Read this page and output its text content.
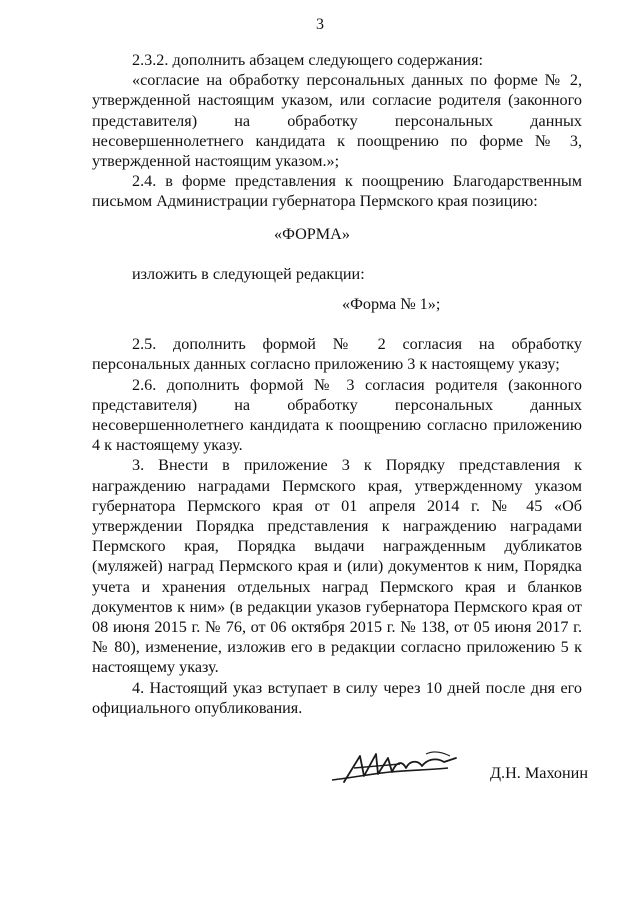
3

2.3.2. дополнить абзацем следующего содержания:

«согласие на обработку персональных данных по форме № 2, утвержденной настоящим указом, или согласие родителя (законного представителя) на обработку персональных данных несовершеннолетнего кандидата к поощрению по форме № 3, утвержденной настоящим указом.»;

2.4. в форме представления к поощрению Благодарственным письмом Администрации губернатора Пермского края позицию:

«ФОРМА»

изложить в следующей редакции:

«Форма № 1»;

2.5. дополнить формой № 2 согласия на обработку персональных данных согласно приложению 3 к настоящему указу;

2.6. дополнить формой № 3 согласия родителя (законного представителя) на обработку персональных данных несовершеннолетнего кандидата к поощрению согласно приложению 4 к настоящему указу.

3. Внести в приложение 3 к Порядку представления к награждению наградами Пермского края, утвержденному указом губернатора Пермского края от 01 апреля 2014 г. № 45 «Об утверждении Порядка представления к награждению наградами Пермского края, Порядка выдачи награжденным дубликатов (муляжей) наград Пермского края и (или) документов к ним, Порядка учета и хранения отдельных наград Пермского края и бланков документов к ним» (в редакции указов губернатора Пермского края от 08 июня 2015 г. № 76, от 06 октября 2015 г. № 138, от 05 июня 2017 г. № 80), изменение, изложив его в редакции согласно приложению 5 к настоящему указу.

4. Настоящий указ вступает в силу через 10 дней после дня его официального опубликования.

Д.Н. Махонин
